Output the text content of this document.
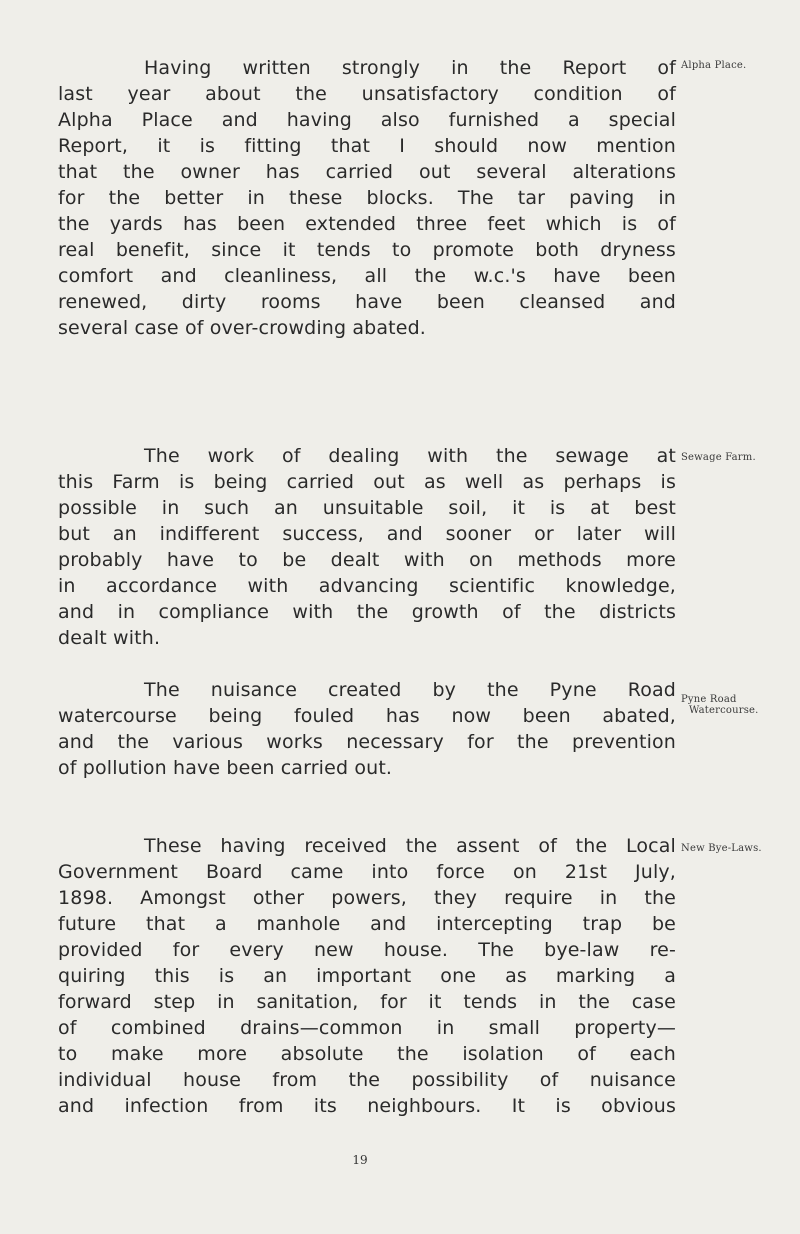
Alpha Place.
Having written strongly in the Report of
last year about the unsatisfactory condition of
Alpha Place and having also furnished a special
Report, it is fitting that I should now mention
that the owner has carried out several alterations
for the better in these blocks. The tar paving in
the yards has been extended three feet which is of
real benefit, since it tends to promote both dryness
comfort and cleanliness, all the w.c.'s have been
renewed, dirty rooms have been cleansed and
several case of over-crowding abated.
Sewage Farm.
The work of dealing with the sewage at
this Farm is being carried out as well as perhaps is
possible in such an unsuitable soil, it is at best
but an indifferent success, and sooner or later will
probably have to be dealt with on methods more
in accordance with advancing scientific knowledge,
and in compliance with the growth of the districts
dealt with.
Pyne Road
Watercourse.
The nuisance created by the Pyne Road
watercourse being fouled has now been abated,
and the various works necessary for the prevention
of pollution have been carried out.
New Bye-Laws.
These having received the assent of the Local
Government Board came into force on 21st July,
1898. Amongst other powers, they require in the
future that a manhole and intercepting trap be
provided for every new house. The bye-law re-
quiring this is an important one as marking a
forward step in sanitation, for it tends in the case
of combined drains—common in small property—
to make more absolute the isolation of each
individual house from the possibility of nuisance
and infection from its neighbours. It is obvious
19
